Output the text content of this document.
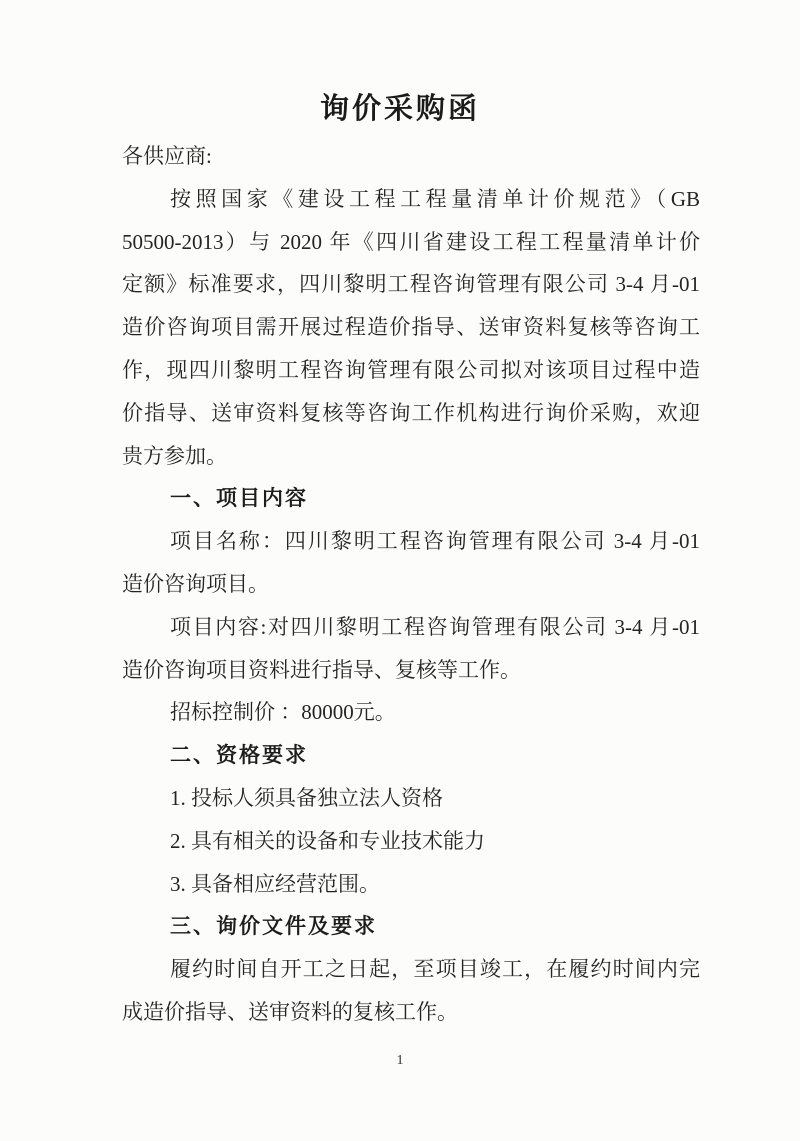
询价采购函
各供应商:
按照国家《建设工程工程量清单计价规范》（GB
50500-2013）与 2020 年《四川省建设工程工程量清单计价
定额》标准要求，四川黎明工程咨询管理有限公司 3-4 月-01
造价咨询项目需开展过程造价指导、送审资料复核等咨询工
作，现四川黎明工程咨询管理有限公司拟对该项目过程中造
价指导、送审资料复核等咨询工作机构进行询价采购，欢迎
贵方参加。
一、项目内容
项目名称：四川黎明工程咨询管理有限公司 3-4 月-01
造价咨询项目。
项目内容:对四川黎明工程咨询管理有限公司 3-4 月-01
造价咨询项目资料进行指导、复核等工作。
招标控制价 ：80000元。
二、资格要求
1. 投标人须具备独立法人资格
2. 具有相关的设备和专业技术能力
3. 具备相应经营范围。
三、询价文件及要求
履约时间自开工之日起，至项目竣工，在履约时间内完
成造价指导、送审资料的复核工作。
1
